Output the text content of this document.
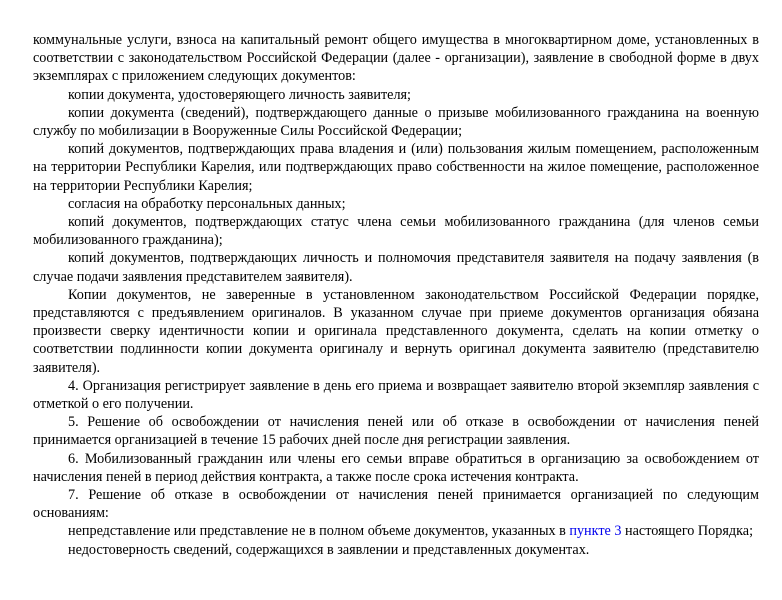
коммунальные услуги, взноса на капитальный ремонт общего имущества в многоквартирном доме, установленных в соответствии с законодательством Российской Федерации (далее - организации), заявление в свободной форме в двух экземплярах с приложением следующих документов:

копии документа, удостоверяющего личность заявителя;

копии документа (сведений), подтверждающего данные о призыве мобилизованного гражданина на военную службу по мобилизации в Вооруженные Силы Российской Федерации;

копий документов, подтверждающих права владения и (или) пользования жилым помещением, расположенным на территории Республики Карелия, или подтверждающих право собственности на жилое помещение, расположенное на территории Республики Карелия;

согласия на обработку персональных данных;

копий документов, подтверждающих статус члена семьи мобилизованного гражданина (для членов семьи мобилизованного гражданина);

копий документов, подтверждающих личность и полномочия представителя заявителя на подачу заявления (в случае подачи заявления представителем заявителя).

Копии документов, не заверенные в установленном законодательством Российской Федерации порядке, представляются с предъявлением оригиналов. В указанном случае при приеме документов организация обязана произвести сверку идентичности копии и оригинала представленного документа, сделать на копии отметку о соответствии подлинности копии документа оригиналу и вернуть оригинал документа заявителю (представителю заявителя).

4. Организация регистрирует заявление в день его приема и возвращает заявителю второй экземпляр заявления с отметкой о его получении.

5. Решение об освобождении от начисления пеней или об отказе в освобождении от начисления пеней принимается организацией в течение 15 рабочих дней после дня регистрации заявления.

6. Мобилизованный гражданин или члены его семьи вправе обратиться в организацию за освобождением от начисления пеней в период действия контракта, а также после срока истечения контракта.

7. Решение об отказе в освобождении от начисления пеней принимается организацией по следующим основаниям:

непредставление или представление не в полном объеме документов, указанных в пункте 3 настоящего Порядка;

недостоверность сведений, содержащихся в заявлении и представленных документах.
